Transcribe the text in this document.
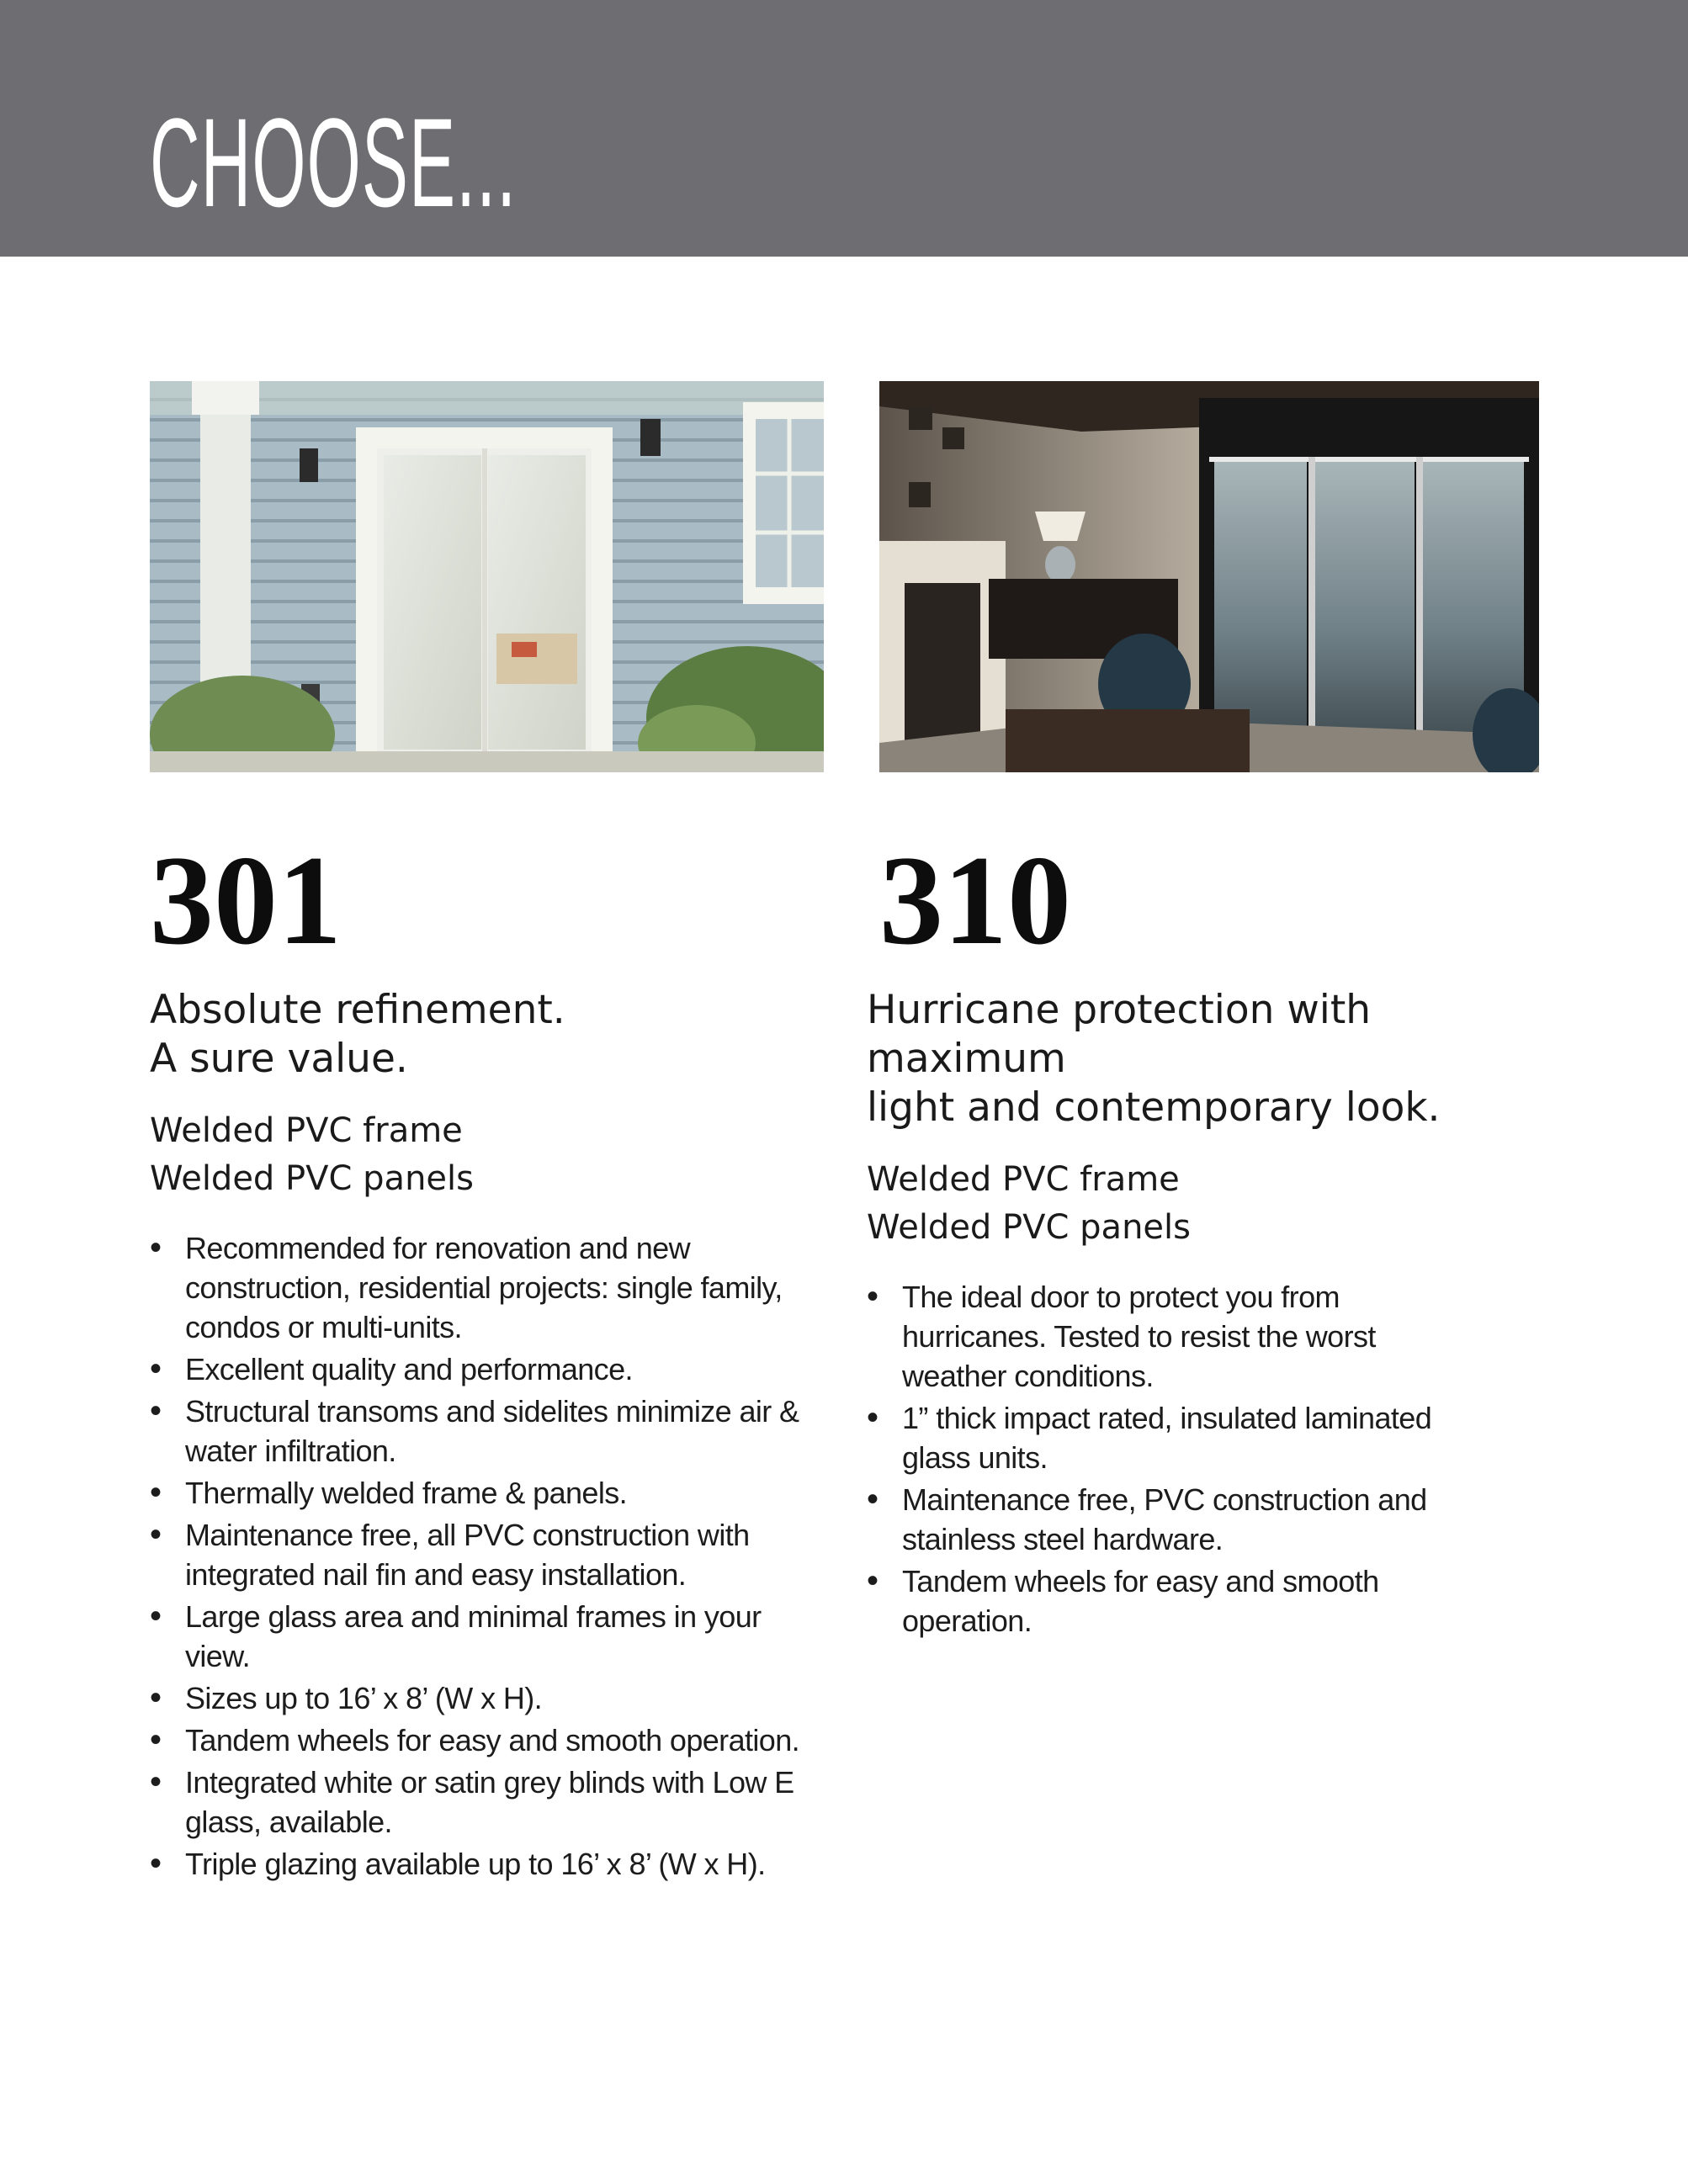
CHOOSE...
301

Absolute refinement.
A sure value.

Welded PVC frame
Welded PVC panels

• Recommended for renovation and new construction, residential projects: single family, condos or multi-units.
• Excellent quality and performance.
• Structural transoms and sidelites minimize air & water infiltration.
• Thermally welded frame & panels.
• Maintenance free, all PVC construction with integrated nail fin and easy installation.
• Large glass area and minimal frames in your view.
• Sizes up to 16’ x 8’ (W x H).
• Tandem wheels for easy and smooth operation.
• Integrated white or satin grey blinds with Low E glass, available.
• Triple glazing available up to 16’ x 8’ (W x H).
310

Hurricane protection with maximum
light and contemporary look.

Welded PVC frame
Welded PVC panels

• The ideal door to protect you from hurricanes. Tested to resist the worst weather conditions.
• 1” thick impact rated, insulated laminated glass units.
• Maintenance free, PVC construction and stainless steel hardware.
• Tandem wheels for easy and smooth operation.
